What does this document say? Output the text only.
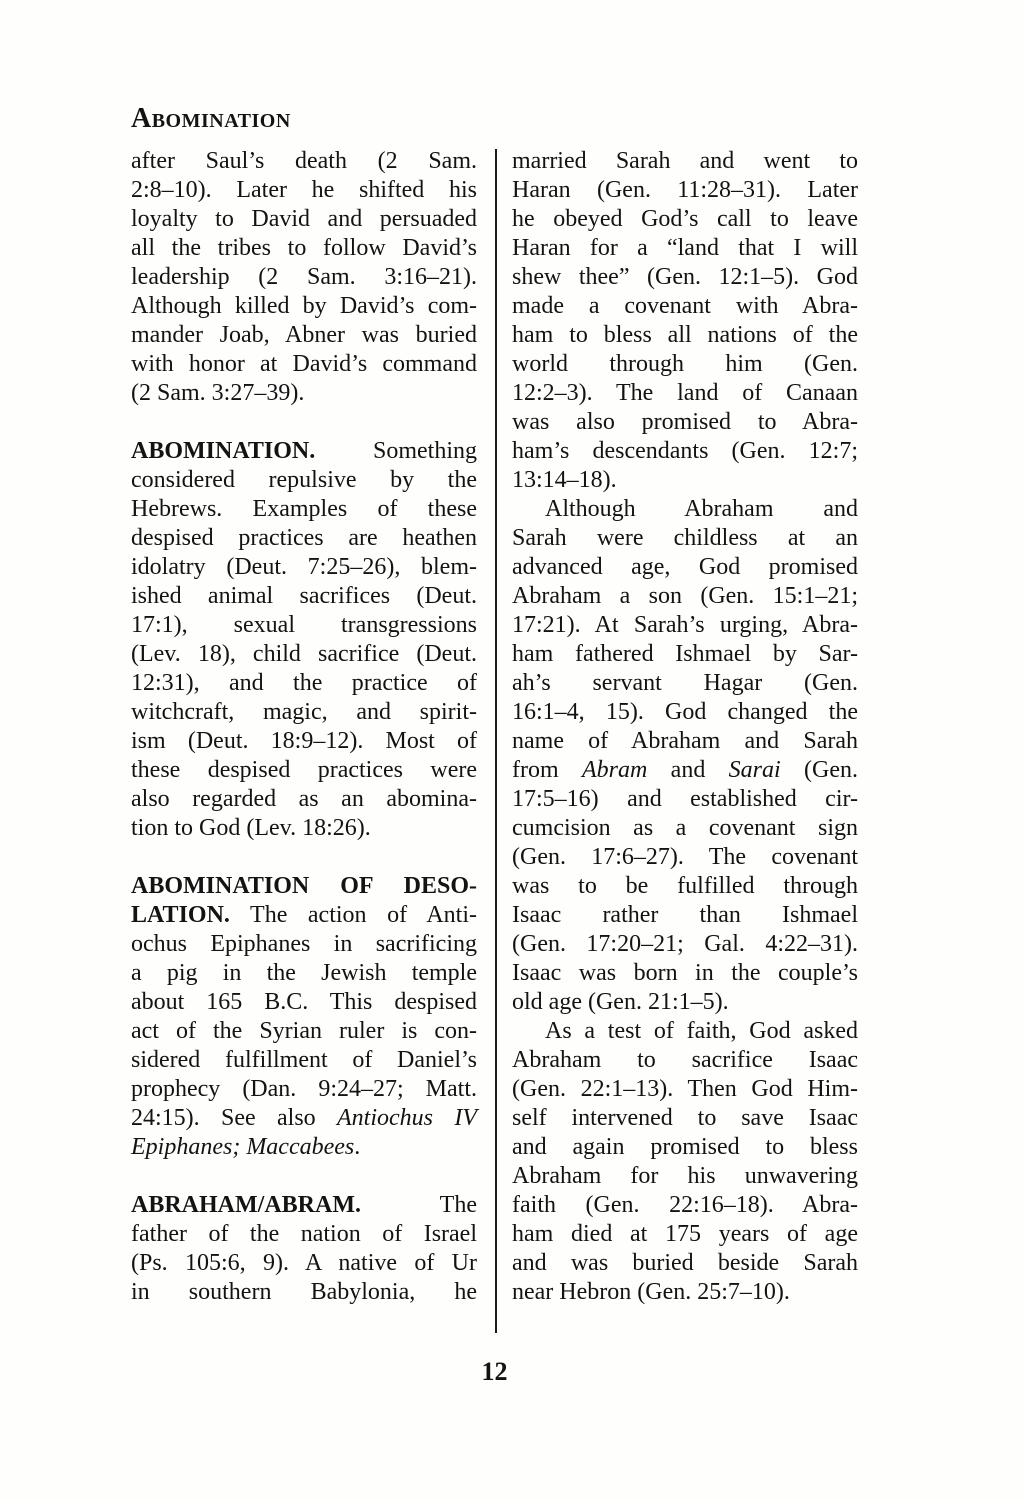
Abomination
after Saul’s death (2 Sam.
2:8–10). Later he shifted his
loyalty to David and persuaded
all the tribes to follow David’s
leadership (2 Sam. 3:16–21).
Although killed by David’s com-
mander Joab, Abner was buried
with honor at David’s command
(2 Sam. 3:27–39).
ABOMINATION. Something
considered repulsive by the
Hebrews. Examples of these
despised practices are heathen
idolatry (Deut. 7:25–26), blem-
ished animal sacrifices (Deut.
17:1), sexual transgressions
(Lev. 18), child sacrifice (Deut.
12:31), and the practice of
witchcraft, magic, and spirit-
ism (Deut. 18:9–12). Most of
these despised practices were
also regarded as an abomina-
tion to God (Lev. 18:26).
ABOMINATION OF DESO-
LATION. The action of Anti-
ochus Epiphanes in sacrificing
a pig in the Jewish temple
about 165 B.C. This despised
act of the Syrian ruler is con-
sidered fulfillment of Daniel’s
prophecy (Dan. 9:24–27; Matt.
24:15). See also Antiochus IV
Epiphanes; Maccabees.
ABRAHAM/ABRAM. The
father of the nation of Israel
(Ps. 105:6, 9). A native of Ur
in southern Babylonia, he
married Sarah and went to
Haran (Gen. 11:28–31). Later
he obeyed God’s call to leave
Haran for a “land that I will
shew thee” (Gen. 12:1–5). God
made a covenant with Abra-
ham to bless all nations of the
world through him (Gen.
12:2–3). The land of Canaan
was also promised to Abra-
ham’s descendants (Gen. 12:7;
13:14–18).
Although Abraham and
Sarah were childless at an
advanced age, God promised
Abraham a son (Gen. 15:1–21;
17:21). At Sarah’s urging, Abra-
ham fathered Ishmael by Sar-
ah’s servant Hagar (Gen.
16:1–4, 15). God changed the
name of Abraham and Sarah
from Abram and Sarai (Gen.
17:5–16) and established cir-
cumcision as a covenant sign
(Gen. 17:6–27). The covenant
was to be fulfilled through
Isaac rather than Ishmael
(Gen. 17:20–21; Gal. 4:22–31).
Isaac was born in the couple’s
old age (Gen. 21:1–5).
As a test of faith, God asked
Abraham to sacrifice Isaac
(Gen. 22:1–13). Then God Him-
self intervened to save Isaac
and again promised to bless
Abraham for his unwavering
faith (Gen. 22:16–18). Abra-
ham died at 175 years of age
and was buried beside Sarah
near Hebron (Gen. 25:7–10).
12
